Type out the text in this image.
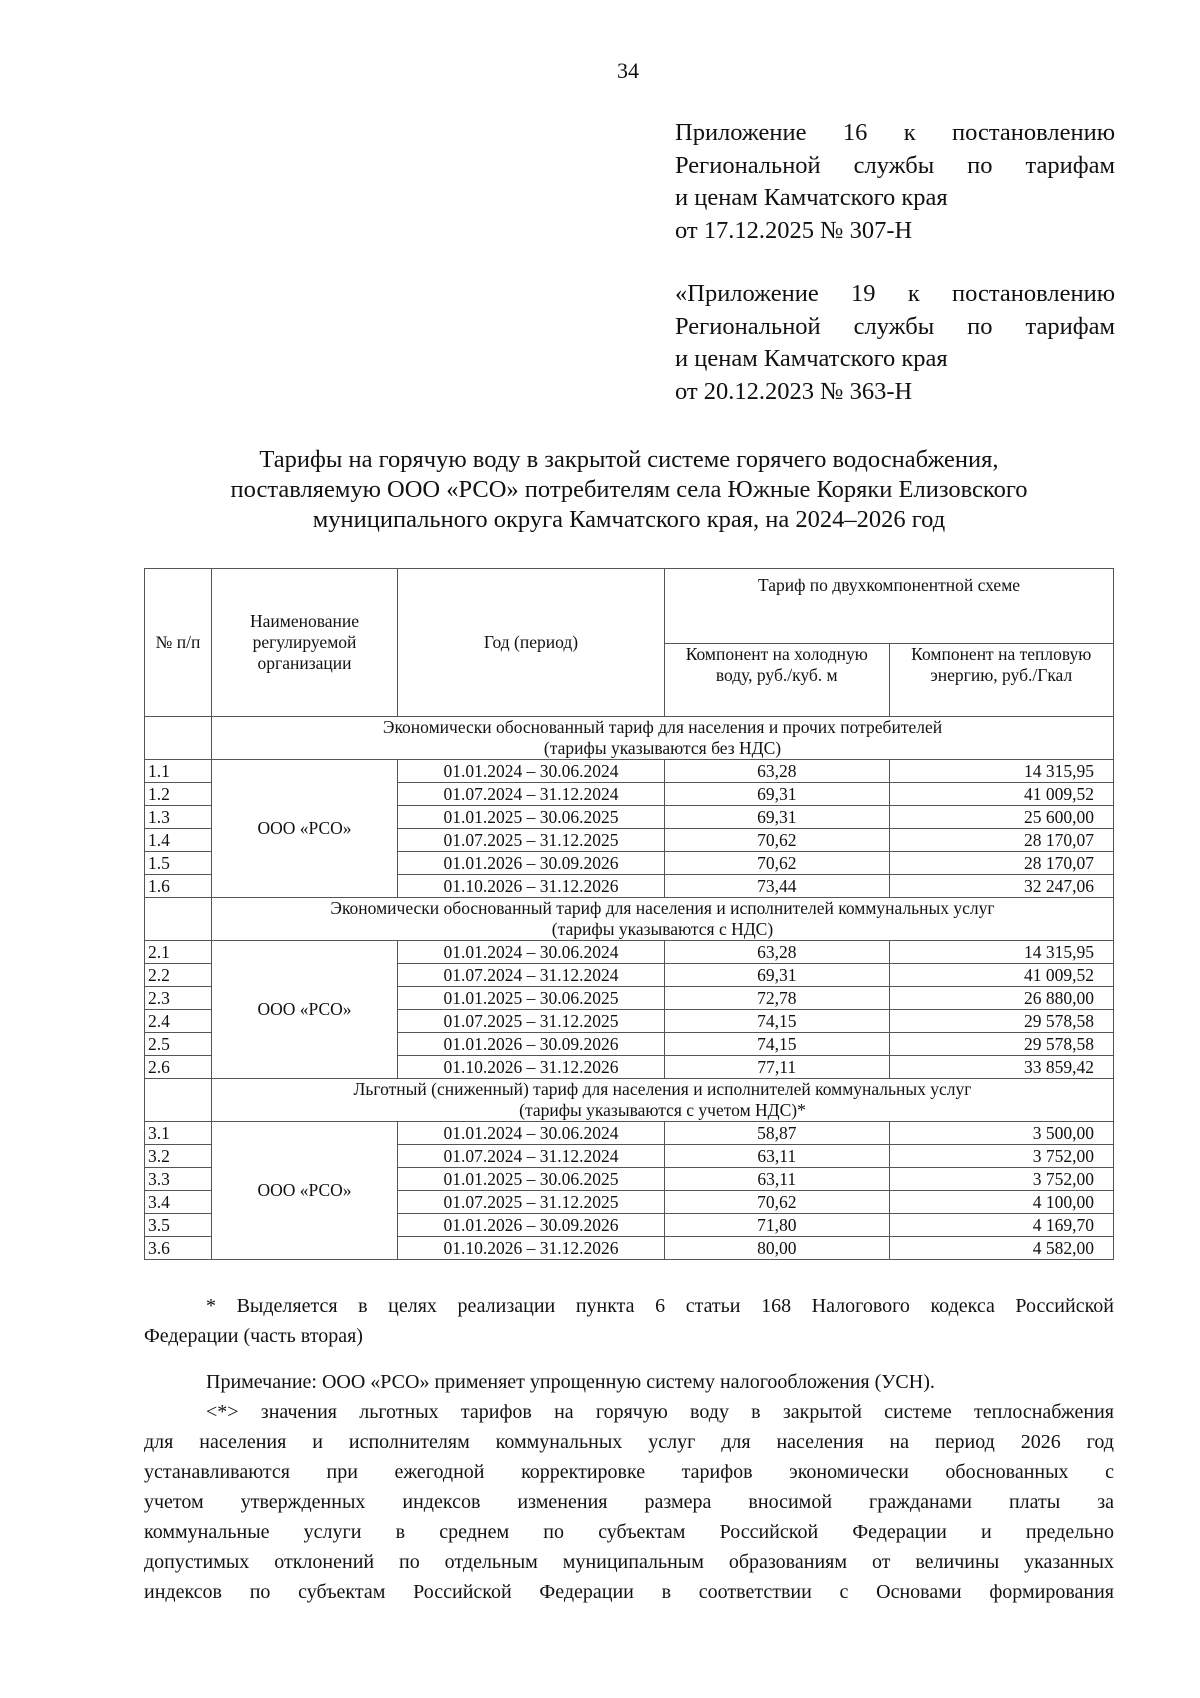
34
Приложение 16 к постановлению
Региональной службы по тарифам
и ценам Камчатского края
от 17.12.2025 № 307-Н
«Приложение 19 к постановлению
Региональной службы по тарифам
и ценам Камчатского края
от 20.12.2023 № 363-Н
Тарифы на горячую воду в закрытой системе горячего водоснабжения,
поставляемую ООО «РСО» потребителям села Южные Коряки Елизовского
муниципального округа Камчатского края, на 2024–2026 год
№ п/п	Наименование регулируемой организации	Год (период)	Тариф по двухкомпонентной схеме	
			Компонент на холодную воду, руб./куб. м	Компонент на тепловую энергию, руб./Гкал

	Экономически обоснованный тариф для населения и прочих потребителей
(тарифы указываются без НДС)			

1.1	ООО «РСО»	01.01.2024 – 30.06.2024	63,28	14 315,95
1.2		01.07.2024 – 31.12.2024	69,31	41 009,52
1.3		01.01.2025 – 30.06.2025	69,31	25 600,00
1.4		01.07.2025 – 31.12.2025	70,62	28 170,07
1.5		01.01.2026 – 30.09.2026	70,62	28 170,07
1.6		01.10.2026 – 31.12.2026	73,44	32 247,06

	Экономически обоснованный тариф для населения и исполнителей коммунальных услуг
(тарифы указываются с НДС)			

2.1	ООО «РСО»	01.01.2024 – 30.06.2024	63,28	14 315,95
2.2		01.07.2024 – 31.12.2024	69,31	41 009,52
2.3		01.01.2025 – 30.06.2025	72,78	26 880,00
2.4		01.07.2025 – 31.12.2025	74,15	29 578,58
2.5		01.01.2026 – 30.09.2026	74,15	29 578,58
2.6		01.10.2026 – 31.12.2026	77,11	33 859,42

	Льготный (сниженный) тариф для населения и исполнителей коммунальных услуг
(тарифы указываются с учетом НДС)*			

3.1	ООО «РСО»	01.01.2024 – 30.06.2024	58,87	3 500,00
3.2		01.07.2024 – 31.12.2024	63,11	3 752,00
3.3		01.01.2025 – 30.06.2025	63,11	3 752,00
3.4		01.07.2025 – 31.12.2025	70,62	4 100,00
3.5		01.01.2026 – 30.09.2026	71,80	4 169,70
3.6		01.10.2026 – 31.12.2026	80,00	4 582,00
* Выделяется в целях реализации пункта 6 статьи 168 Налогового кодекса Российской
Федерации (часть вторая)
Примечание: ООО «РСО» применяет упрощенную систему налогообложения (УСН).
<*> значения льготных тарифов на горячую воду в закрытой системе теплоснабжения
для населения и исполнителям коммунальных услуг для населения на период 2026 год
устанавливаются при ежегодной корректировке тарифов экономически обоснованных с
учетом утвержденных индексов изменения размера вносимой гражданами платы за
коммунальные услуги в среднем по субъектам Российской Федерации и предельно
допустимых отклонений по отдельным муниципальным образованиям от величины указанных
индексов по субъектам Российской Федерации в соответствии с Основами формирования
